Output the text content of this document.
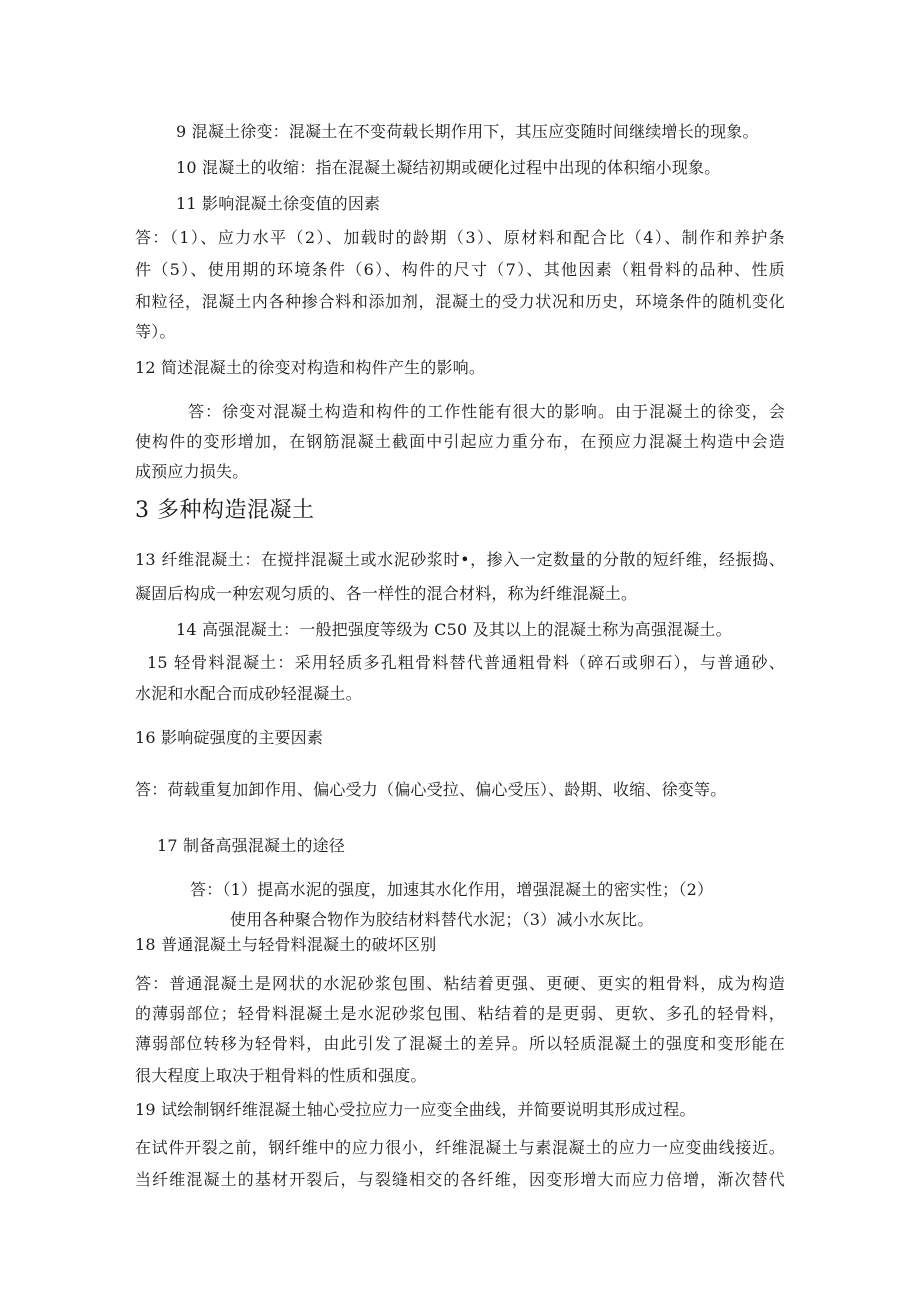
9 混凝土徐变：混凝土在不变荷载长期作用下，其压应变随时间继续增长的现象。
10 混凝土的收缩：指在混凝土凝结初期或硬化过程中出现的体积缩小现象。
11 影响混凝土徐变值的因素
答：（1）、应力水平（2）、加载时的龄期（3）、原材料和配合比（4）、制作和养护条
件（5）、使用期的环境条件（6）、构件的尺寸（7）、其他因素（粗骨料的品种、性质
和粒径，混凝土内各种掺合料和添加剂，混凝土的受力状况和历史，环境条件的随机变化
等）。
12 简述混凝土的徐变对构造和构件产生的影响。
答：徐变对混凝土构造和构件的工作性能有很大的影响。由于混凝土的徐变，会
使构件的变形增加，在钢筋混凝土截面中引起应力重分布，在预应力混凝土构造中会造
成预应力损失。
3 多种构造混凝土
13 纤维混凝土：在搅拌混凝土或水泥砂浆时•，掺入一定数量的分散的短纤维，经振捣、
凝固后构成一种宏观匀质的、各一样性的混合材料，称为纤维混凝土。
14 高强混凝土：一般把强度等级为 C50 及其以上的混凝土称为高强混凝土。
15 轻骨料混凝土：采用轻质多孔粗骨料替代普通粗骨料（碎石或卵石），与普通砂、
水泥和水配合而成砂轻混凝土。
16 影响碇强度的主要因素
答：荷载重复加卸作用、偏心受力（偏心受拉、偏心受压）、龄期、收缩、徐变等。
17 制备高强混凝土的途径
答：（1）提高水泥的强度，加速其水化作用，增强混凝土的密实性；（2）
使用各种聚合物作为胶结材料替代水泥；（3）减小水灰比。
18 普通混凝土与轻骨料混凝土的破坏区别
答：普通混凝土是网状的水泥砂浆包围、粘结着更强、更硬、更实的粗骨料，成为构造
的薄弱部位；轻骨料混凝土是水泥砂浆包围、粘结着的是更弱、更软、多孔的轻骨料，
薄弱部位转移为轻骨料，由此引发了混凝土的差异。所以轻质混凝土的强度和变形能在
很大程度上取决于粗骨料的性质和强度。
19 试绘制钢纤维混凝土轴心受拉应力一应变全曲线，并简要说明其形成过程。
在试件开裂之前，钢纤维中的应力很小，纤维混凝土与素混凝土的应力一应变曲线接近。
当纤维混凝土的基材开裂后，与裂缝相交的各纤维，因变形增大而应力倍增，渐次替代
